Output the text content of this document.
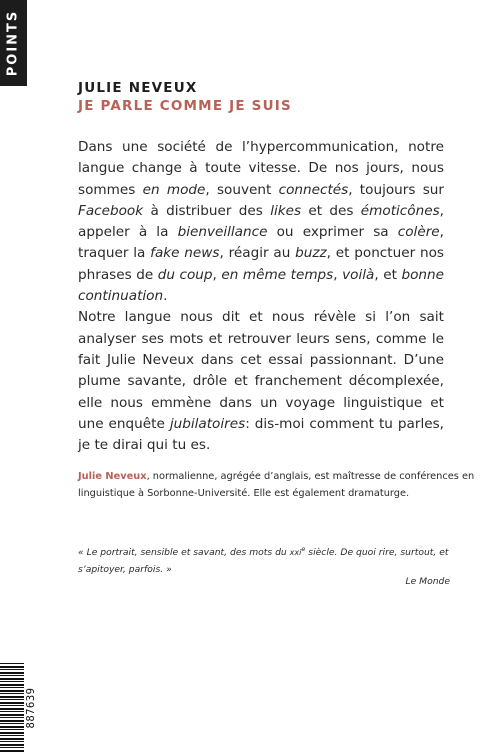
POINTS
JULIE NEVEUX
JE PARLE COMME JE SUIS

Dans une société de l’hypercommunication, notre langue change à toute vitesse. De nos jours, nous sommes en mode, souvent connectés, toujours sur Facebook à distribuer des likes et des émoticônes, appeler à la bienveillance ou exprimer sa colère, traquer la fake news, réagir au buzz, et ponctuer nos phrases de du coup, en même temps, voilà, et bonne continuation.

Notre langue nous dit et nous révèle si l’on sait analyser ses mots et retrouver leurs sens, comme le fait Julie Neveux dans cet essai passionnant. D’une plume savante, drôle et franchement décomplexée, elle nous emmène dans un voyage linguistique et une enquête jubilatoires: dis-moi comment tu parles, je te dirai qui tu es.

Julie Neveux, normalienne, agrégée d’anglais, est maîtresse de conférences en linguistique à Sorbonne-Université. Elle est également dramaturge.
« Le portrait, sensible et savant, des mots du xxi$^e$ siècle. De quoi rire, surtout, et s’apitoyer, parfois. »
Le Monde
887639
